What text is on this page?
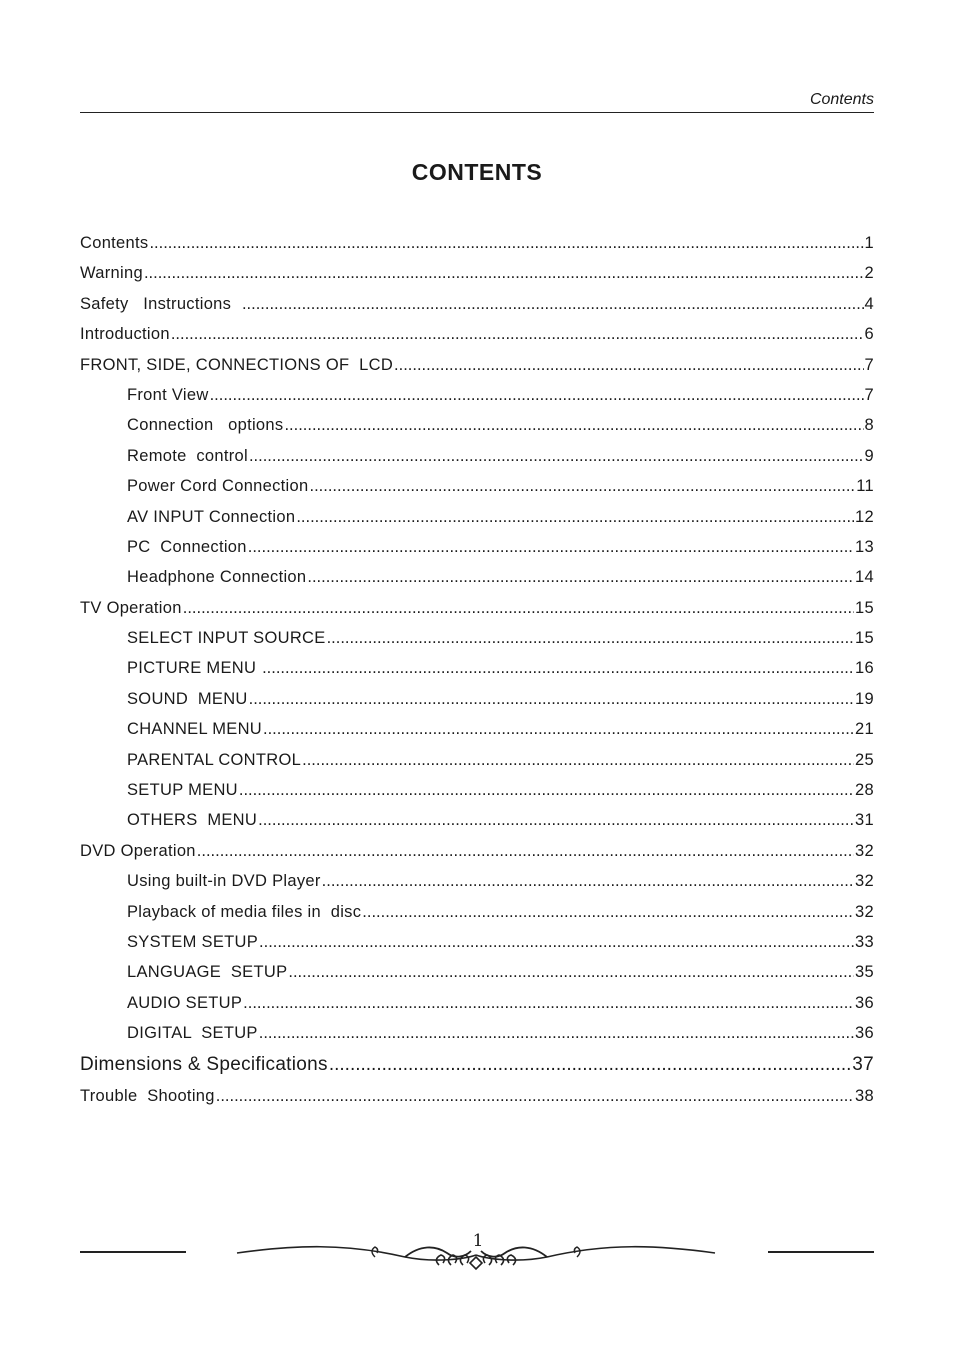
Contents
CONTENTS
Contents .....	1
Warning .....	2
Safety   Instructions .....	4
Introduction .....	6
FRONT, SIDE, CONNECTIONS OF  LCD .....	7
Front View .....	7
Connection   options .....	8
Remote  control .....	9
Power Cord Connection .....	11
AV INPUT Connection .....	12
PC  Connection .....	13
Headphone Connection .....	14
TV Operation .....	15
SELECT INPUT SOURCE .....	15
PICTURE MENU .....	16
SOUND  MENU .....	19
CHANNEL MENU .....	21
PARENTAL CONTROL .....	25
SETUP MENU .....	28
OTHERS  MENU .....	31
DVD Operation .....	32
Using built-in DVD Player .....	32
Playback of media files in  disc .....	32
SYSTEM SETUP .....	33
LANGUAGE  SETUP .....	35
AUDIO SETUP .....	36
DIGITAL  SETUP .....	36
Dimensions & Specifications .....	37
Trouble  Shooting .....	38
1
